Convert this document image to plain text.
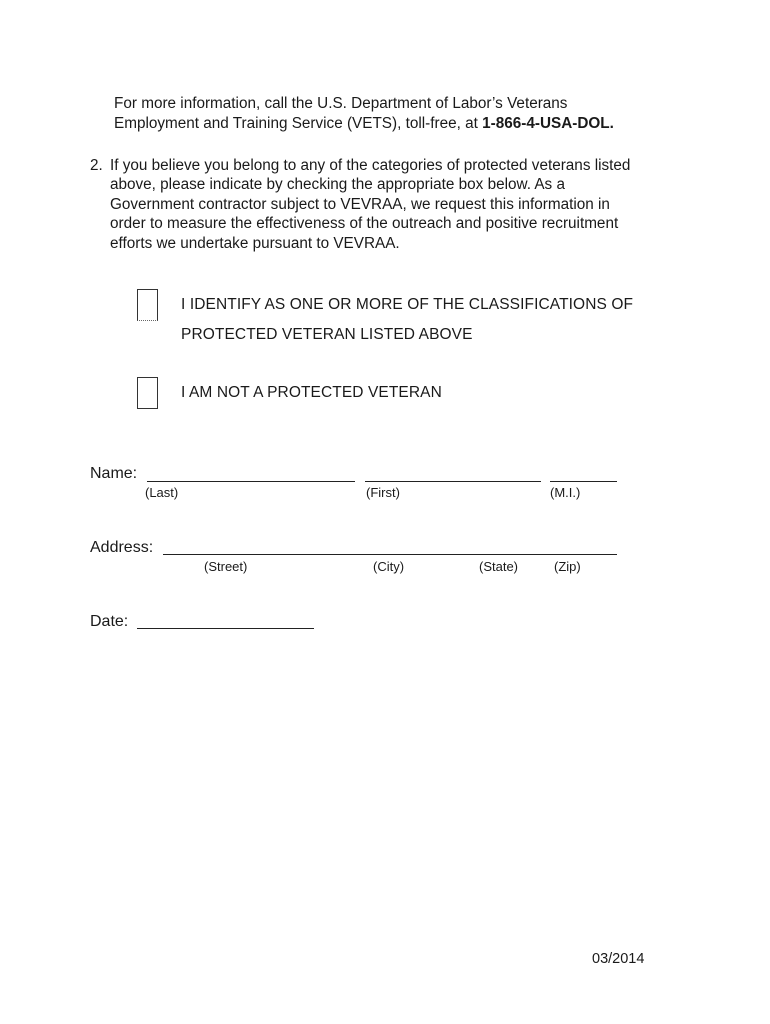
For more information, call the U.S. Department of Labor’s Veterans
Employment and Training Service (VETS), toll-free, at 1-866-4-USA-DOL.
2. If you believe you belong to any of the categories of protected veterans listed
above, please indicate by checking the appropriate box below. As a
Government contractor subject to VEVRAA, we request this information in
order to measure the effectiveness of the outreach and positive recruitment
efforts we undertake pursuant to VEVRAA.
I IDENTIFY AS ONE OR MORE OF THE CLASSIFICATIONS OF
PROTECTED VETERAN LISTED ABOVE
I AM NOT A PROTECTED VETERAN
Name:
(Last)	(First)	(M.I.)
Address:
(Street)	(City)	(State)	(Zip)
Date:
03/2014
